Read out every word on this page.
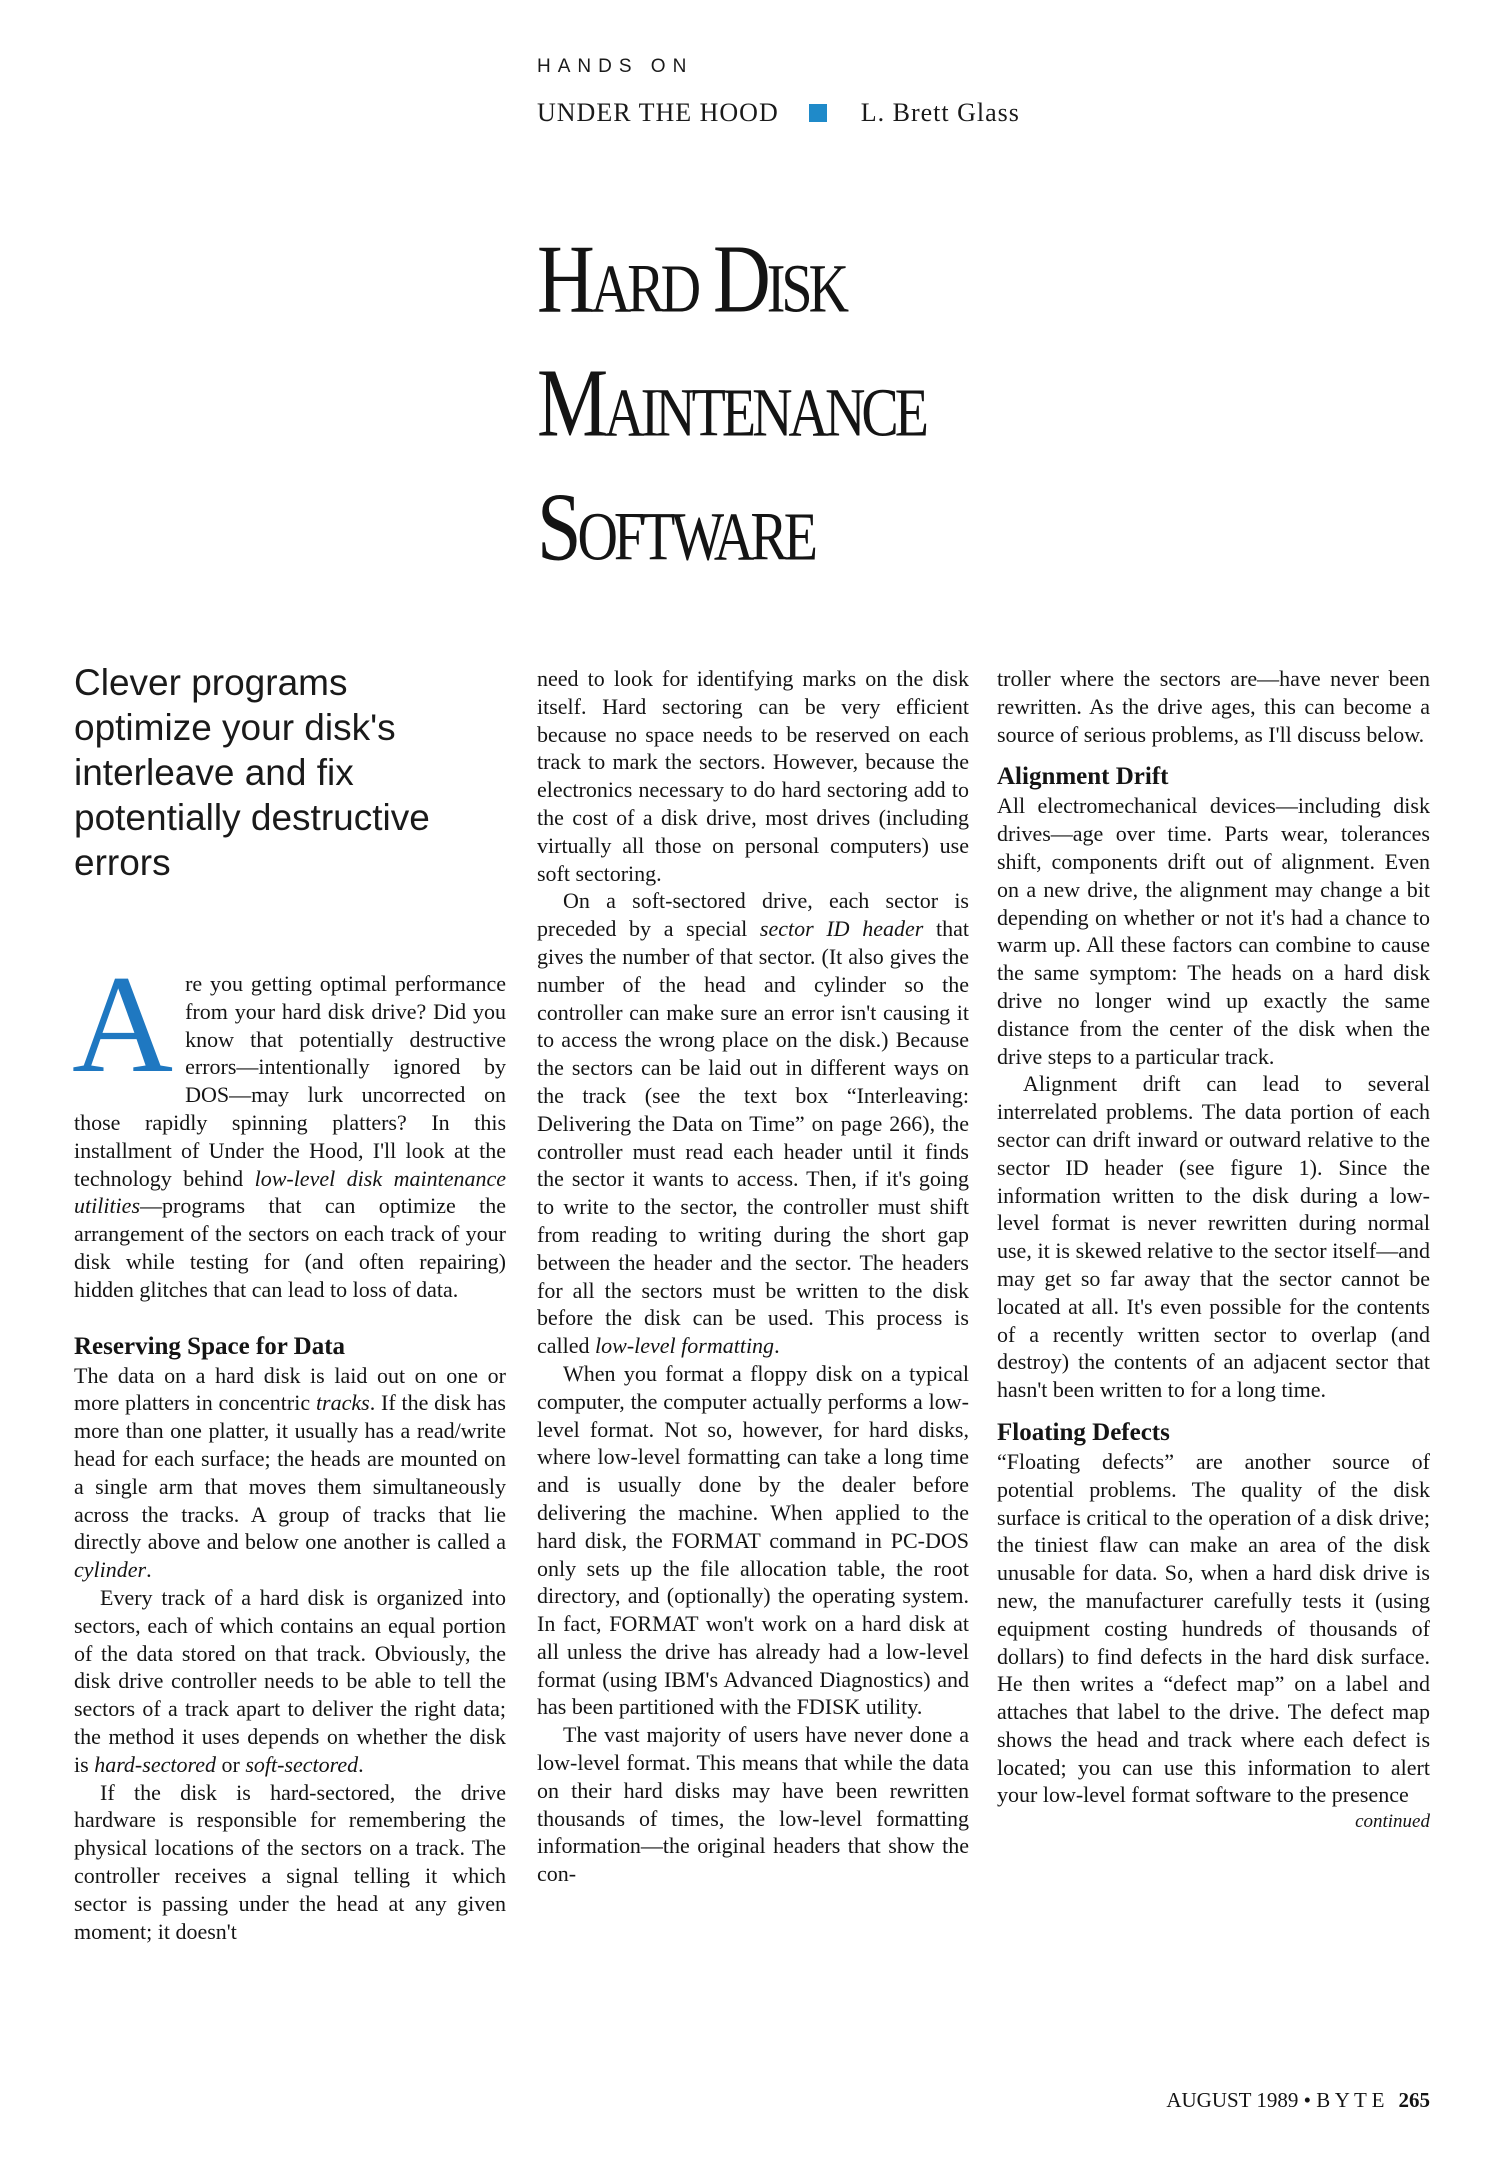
HANDS ON
UNDER THE HOOD	L. Brett Glass
Hard Disk
Maintenance
Software
Clever programs optimize your disk's interleave and fix potentially destructive errors

Are you getting optimal performance from your hard disk drive? Did you know that potentially destructive errors—intentionally ignored by DOS—may lurk uncorrected on those rapidly spinning platters? In this installment of Under the Hood, I'll look at the technology behind low-level disk maintenance utilities—programs that can optimize the arrangement of the sectors on each track of your disk while testing for (and often repairing) hidden glitches that can lead to loss of data.

Reserving Space for Data

The data on a hard disk is laid out on one or more platters in concentric tracks. If the disk has more than one platter, it usually has a read/write head for each surface; the heads are mounted on a single arm that moves them simultaneously across the tracks. A group of tracks that lie directly above and below one another is called a cylinder.

Every track of a hard disk is organized into sectors, each of which contains an equal portion of the data stored on that track. Obviously, the disk drive controller needs to be able to tell the sectors of a track apart to deliver the right data; the method it uses depends on whether the disk is hard-sectored or soft-sectored.

If the disk is hard-sectored, the drive hardware is responsible for remembering the physical locations of the sectors on a track. The controller receives a signal telling it which sector is passing under the head at any given moment; it doesn't

need to look for identifying marks on the disk itself. Hard sectoring can be very efficient because no space needs to be reserved on each track to mark the sectors. However, because the electronics necessary to do hard sectoring add to the cost of a disk drive, most drives (including virtually all those on personal computers) use soft sectoring.

On a soft-sectored drive, each sector is preceded by a special sector ID header that gives the number of that sector. (It also gives the number of the head and cylinder so the controller can make sure an error isn't causing it to access the wrong place on the disk.) Because the sectors can be laid out in different ways on the track (see the text box “Interleaving: Delivering the Data on Time” on page 266), the controller must read each header until it finds the sector it wants to access. Then, if it's going to write to the sector, the controller must shift from reading to writing during the short gap between the header and the sector. The headers for all the sectors must be written to the disk before the disk can be used. This process is called low-level formatting.

When you format a floppy disk on a typical computer, the computer actually performs a low-level format. Not so, however, for hard disks, where low-level formatting can take a long time and is usually done by the dealer before delivering the machine. When applied to the hard disk, the FORMAT command in PC-DOS only sets up the file allocation table, the root directory, and (optionally) the operating system. In fact, FORMAT won't work on a hard disk at all unless the drive has already had a low-level format (using IBM's Advanced Diagnostics) and has been partitioned with the FDISK utility.

The vast majority of users have never done a low-level format. This means that while the data on their hard disks may have been rewritten thousands of times, the low-level formatting information—the original headers that show the con-

troller where the sectors are—have never been rewritten. As the drive ages, this can become a source of serious problems, as I'll discuss below.

Alignment Drift

All electromechanical devices—including disk drives—age over time. Parts wear, tolerances shift, components drift out of alignment. Even on a new drive, the alignment may change a bit depending on whether or not it's had a chance to warm up. All these factors can combine to cause the same symptom: The heads on a hard disk drive no longer wind up exactly the same distance from the center of the disk when the drive steps to a particular track.

Alignment drift can lead to several interrelated problems. The data portion of each sector can drift inward or outward relative to the sector ID header (see figure 1). Since the information written to the disk during a low-level format is never rewritten during normal use, it is skewed relative to the sector itself—and may get so far away that the sector cannot be located at all. It's even possible for the contents of a recently written sector to overlap (and destroy) the contents of an adjacent sector that hasn't been written to for a long time.

Floating Defects

“Floating defects” are another source of potential problems. The quality of the disk surface is critical to the operation of a disk drive; the tiniest flaw can make an area of the disk unusable for data. So, when a hard disk drive is new, the manufacturer carefully tests it (using equipment costing hundreds of thousands of dollars) to find defects in the hard disk surface. He then writes a “defect map” on a label and attaches that label to the drive. The defect map shows the head and track where each defect is located; you can use this information to alert your low-level format software to the presence

continued
AUGUST 1989 • B Y T E 265
